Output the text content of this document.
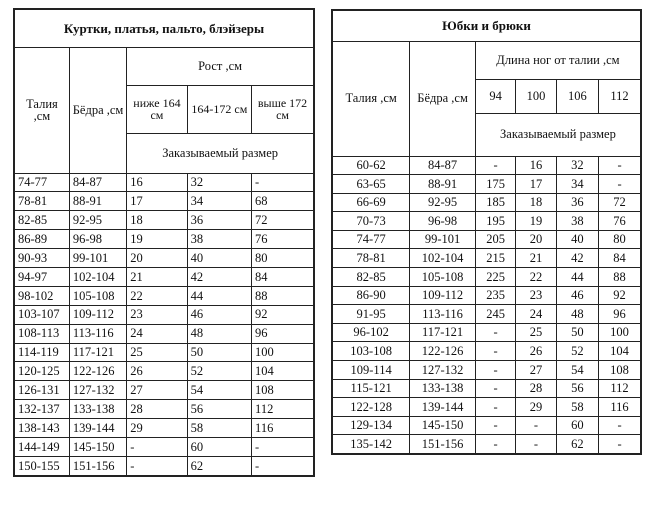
Куртки, платья, пальто, блэйзеры				
Талия ,см	Бёдра ,см	Рост ,см		
		ниже 164 см	164-172 см	выше 172 см
		Заказываемый размер		
74-77	84-87	16	32	-
78-81	88-91	17	34	68
82-85	92-95	18	36	72
86-89	96-98	19	38	76
90-93	99-101	20	40	80
94-97	102-104	21	42	84
98-102	105-108	22	44	88
103-107	109-112	23	46	92
108-113	113-116	24	48	96
114-119	117-121	25	50	100
120-125	122-126	26	52	104
126-131	127-132	27	54	108
132-137	133-138	28	56	112
138-143	139-144	29	58	116
144-149	145-150	-	60	-
150-155	151-156	-	62	-
Юбки и брюки					
Талия ,см	Бёдра ,см	Длина ног от талии ,см			
		94	100	106	112
		Заказываемый размер			
60-62	84-87	-	16	32	-
63-65	88-91	175	17	34	-
66-69	92-95	185	18	36	72
70-73	96-98	195	19	38	76
74-77	99-101	205	20	40	80
78-81	102-104	215	21	42	84
82-85	105-108	225	22	44	88
86-90	109-112	235	23	46	92
91-95	113-116	245	24	48	96
96-102	117-121	-	25	50	100
103-108	122-126	-	26	52	104
109-114	127-132	-	27	54	108
115-121	133-138	-	28	56	112
122-128	139-144	-	29	58	116
129-134	145-150	-	-	60	-
135-142	151-156	-	-	62	-
